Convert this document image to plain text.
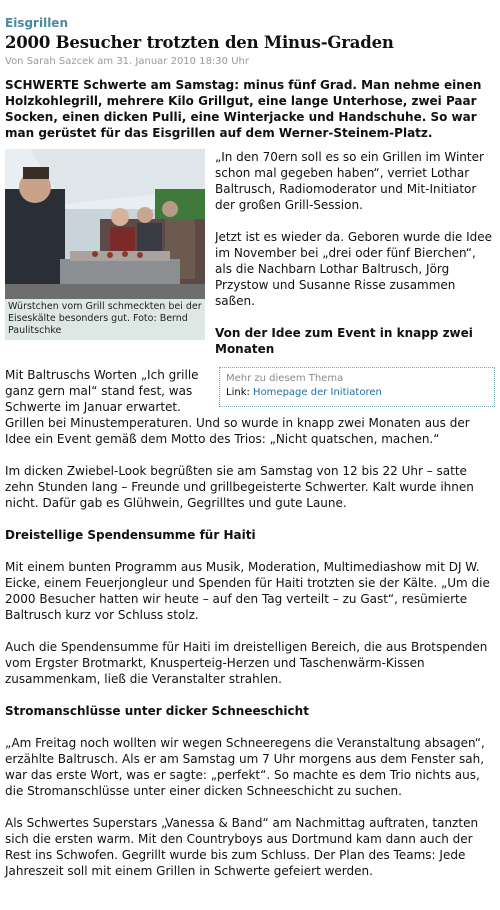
Eisgrillen
2000 Besucher trotzten den Minus-Graden
Von Sarah Sazcek am 31. Januar 2010 18:30 Uhr
SCHWERTE Schwerte am Samstag: minus fünf Grad. Man nehme einen Holzkohlegrill, mehrere Kilo Grillgut, eine lange Unterhose, zwei Paar Socken, einen dicken Pulli, eine Winterjacke und Handschuhe. So war man gerüstet für das Eisgrillen auf dem Werner-Steinem-Platz.
Würstchen vom Grill schmeckten bei der Eiseskälte besonders gut. Foto: Bernd Paulitschke

„In den 70ern soll es so ein Grillen im Winter schon mal gegeben haben“, verriet Lothar Baltrusch, Radiomoderator und Mit-Initiator der großen Grill-Session.

Jetzt ist es wieder da. Geboren wurde die Idee im November bei „drei oder fünf Bierchen“, als die Nachbarn Lothar Baltrusch, Jörg Przystow und Susanne Risse zusammen saßen.

Von der Idee zum Event in knapp zwei Monaten
Mehr zu diesem Thema
Link: Homepage der Initiatoren

Mit Baltruschs Worten „Ich grille ganz gern mal“ stand fest, was Schwerte im Januar erwartet. Grillen bei Minustemperaturen. Und so wurde in knapp zwei Monaten aus der Idee ein Event gemäß dem Motto des Trios: „Nicht quatschen, machen.“

Im dicken Zwiebel-Look begrüßten sie am Samstag von 12 bis 22 Uhr – satte zehn Stunden lang – Freunde und grillbegeisterte Schwerter. Kalt wurde ihnen nicht. Dafür gab es Glühwein, Gegrilltes und gute Laune.

Dreistellige Spendensumme für Haiti

Mit einem bunten Programm aus Musik, Moderation, Multimediashow mit DJ W. Eicke, einem Feuerjongleur und Spenden für Haiti trotzten sie der Kälte. „Um die 2000 Besucher hatten wir heute – auf den Tag verteilt – zu Gast“, resümierte Baltrusch kurz vor Schluss stolz.

Auch die Spendensumme für Haiti im dreistelligen Bereich, die aus Brotspenden vom Ergster Brotmarkt, Knusperteig-Herzen und Taschenwärm-Kissen zusammenkam, ließ die Veranstalter strahlen.

Stromanschlüsse unter dicker Schneeschicht

„Am Freitag noch wollten wir wegen Schneeregens die Veranstaltung absagen“, erzählte Baltrusch. Als er am Samstag um 7 Uhr morgens aus dem Fenster sah, war das erste Wort, was er sagte: „perfekt“. So machte es dem Trio nichts aus, die Stromanschlüsse unter einer dicken Schneeschicht zu suchen.

Als Schwertes Superstars „Vanessa & Band“ am Nachmittag auftraten, tanzten sich die ersten warm. Mit den Countryboys aus Dortmund kam dann auch der Rest ins Schwofen. Gegrillt wurde bis zum Schluss. Der Plan des Teams: Jede Jahreszeit soll mit einem Grillen in Schwerte gefeiert werden.
